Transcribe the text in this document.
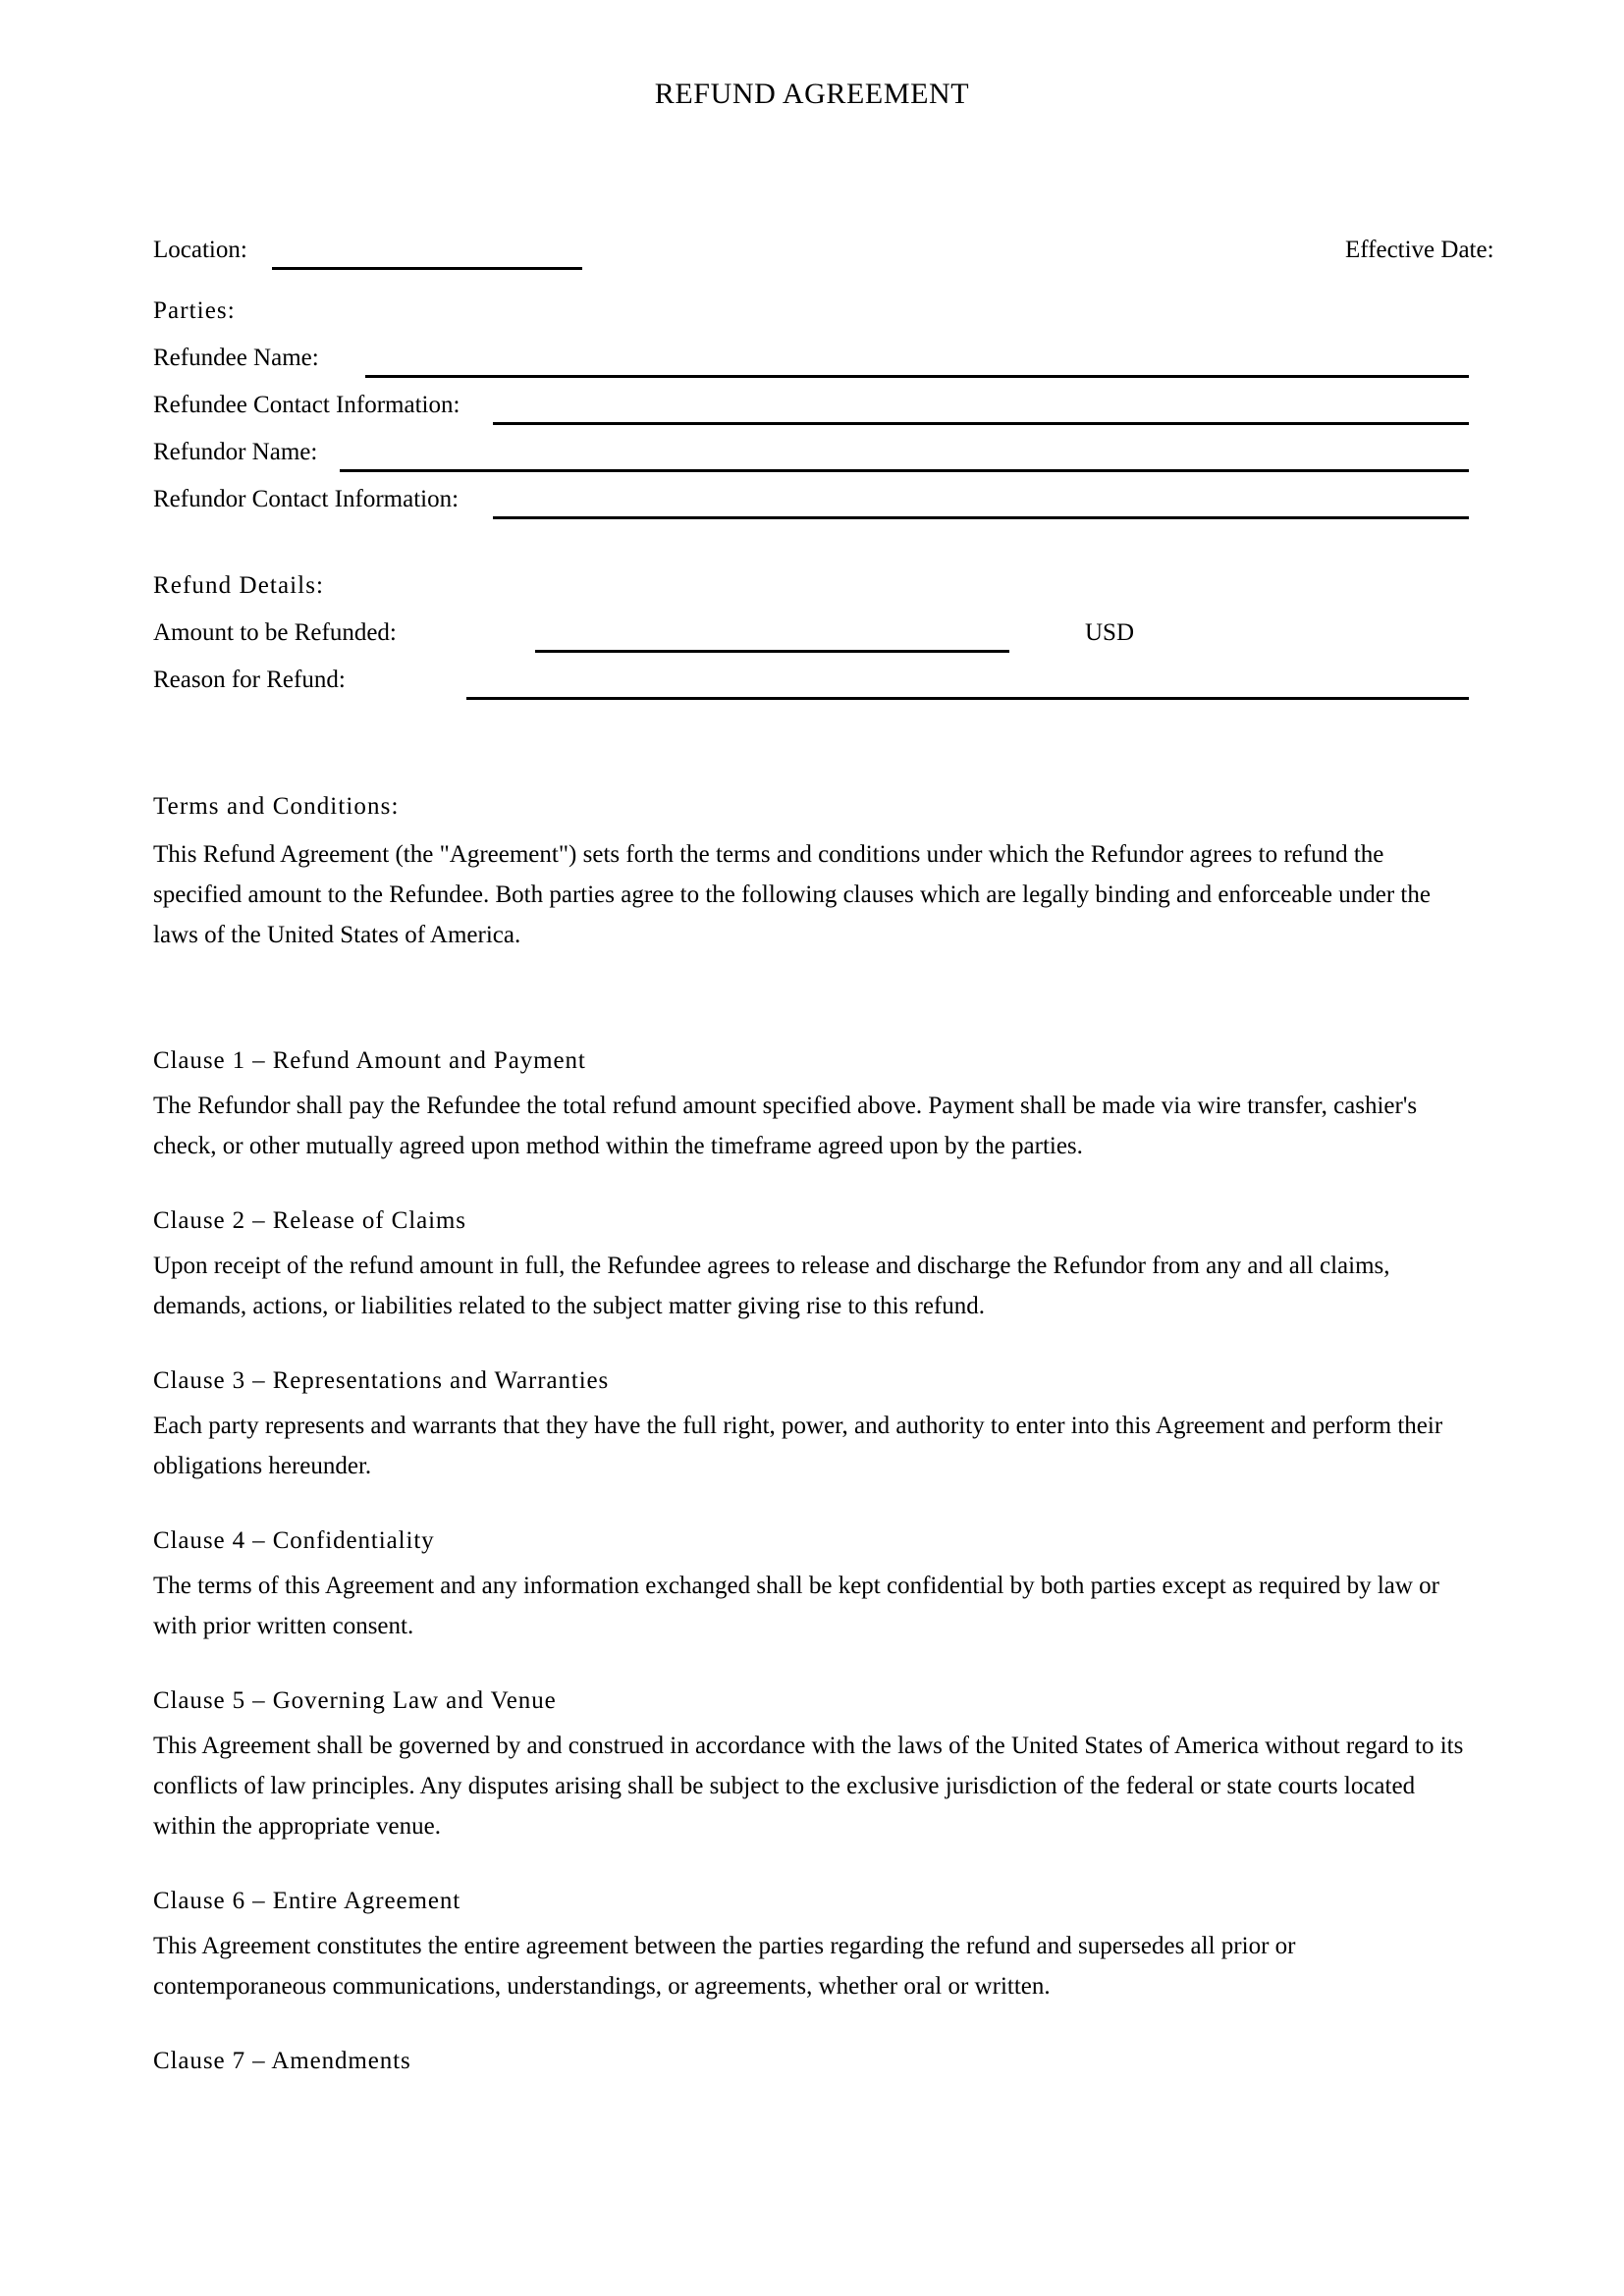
REFUND AGREEMENT
Location:	Effective Date:
Parties:
Refundee Name:
Refundee Contact Information:
Refundor Name:
Refundor Contact Information:
Refund Details:
Amount to be Refunded:	USD
Reason for Refund:
Terms and Conditions:
This Refund Agreement (the "Agreement") sets forth the terms and conditions under which the Refundor agrees to refund the specified amount to the Refundee. Both parties agree to the following clauses which are legally binding and enforceable under the laws of the United States of America.
Clause 1 – Refund Amount and Payment
The Refundor shall pay the Refundee the total refund amount specified above. Payment shall be made via wire transfer, cashier's check, or other mutually agreed upon method within the timeframe agreed upon by the parties.
Clause 2 – Release of Claims
Upon receipt of the refund amount in full, the Refundee agrees to release and discharge the Refundor from any and all claims, demands, actions, or liabilities related to the subject matter giving rise to this refund.
Clause 3 – Representations and Warranties
Each party represents and warrants that they have the full right, power, and authority to enter into this Agreement and perform their obligations hereunder.
Clause 4 – Confidentiality
The terms of this Agreement and any information exchanged shall be kept confidential by both parties except as required by law or with prior written consent.
Clause 5 – Governing Law and Venue
This Agreement shall be governed by and construed in accordance with the laws of the United States of America without regard to its conflicts of law principles. Any disputes arising shall be subject to the exclusive jurisdiction of the federal or state courts located within the appropriate venue.
Clause 6 – Entire Agreement
This Agreement constitutes the entire agreement between the parties regarding the refund and supersedes all prior or contemporaneous communications, understandings, or agreements, whether oral or written.
Clause 7 – Amendments
